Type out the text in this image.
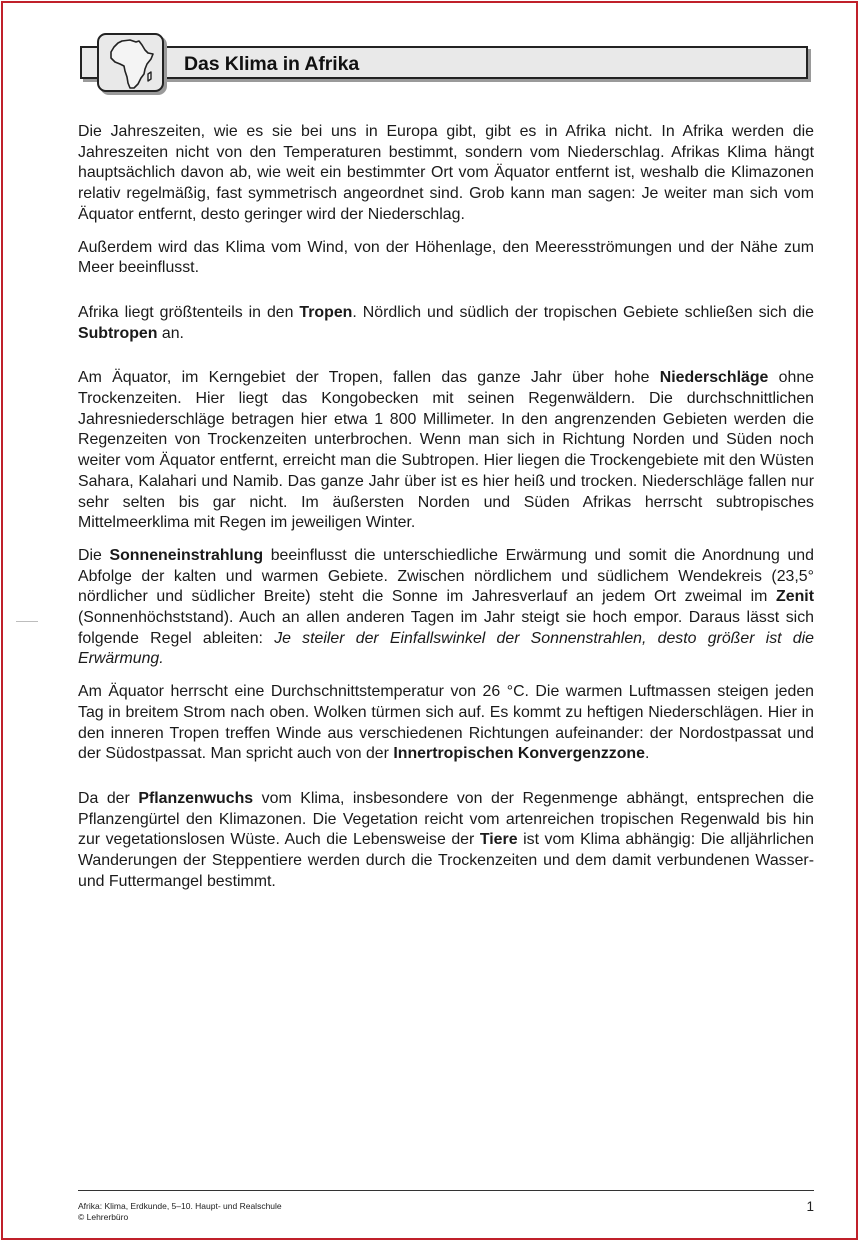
Das Klima in Afrika

Die Jahreszeiten, wie es sie bei uns in Europa gibt, gibt es in Afrika nicht. In Afrika werden die Jahreszeiten nicht von den Temperaturen bestimmt, sondern vom Niederschlag. Afrikas Klima hängt hauptsächlich davon ab, wie weit ein bestimmter Ort vom Äquator entfernt ist, weshalb die Klimazonen relativ regelmäßig, fast symmetrisch angeordnet sind. Grob kann man sagen: Je weiter man sich vom Äquator entfernt, desto geringer wird der Niederschlag.

Außerdem wird das Klima vom Wind, von der Höhenlage, den Meeresströmungen und der Nähe zum Meer beeinflusst.

Afrika liegt größtenteils in den Tropen. Nördlich und südlich der tropischen Gebiete schließen sich die Subtropen an.

Am Äquator, im Kerngebiet der Tropen, fallen das ganze Jahr über hohe Niederschläge ohne Trockenzeiten. Hier liegt das Kongobecken mit seinen Regenwäldern. Die durchschnittlichen Jahresniederschläge betragen hier etwa 1 800 Millimeter. In den angrenzenden Gebieten werden die Regenzeiten von Trockenzeiten unterbrochen. Wenn man sich in Richtung Norden und Süden noch weiter vom Äquator entfernt, erreicht man die Subtropen. Hier liegen die Trockengebiete mit den Wüsten Sahara, Kalahari und Namib. Das ganze Jahr über ist es hier heiß und trocken. Niederschläge fallen nur sehr selten bis gar nicht. Im äußersten Norden und Süden Afrikas herrscht subtropisches Mittelmeerklima mit Regen im jeweiligen Winter.

Die Sonneneinstrahlung beeinflusst die unterschiedliche Erwärmung und somit die Anordnung und Abfolge der kalten und warmen Gebiete. Zwischen nördlichem und südlichem Wendekreis (23,5° nördlicher und südlicher Breite) steht die Sonne im Jahresverlauf an jedem Ort zweimal im Zenit (Sonnenhöchststand). Auch an allen anderen Tagen im Jahr steigt sie hoch empor. Daraus lässt sich folgende Regel ableiten: Je steiler der Einfallswinkel der Sonnenstrahlen, desto größer ist die Erwärmung.

Am Äquator herrscht eine Durchschnittstemperatur von 26 °C. Die warmen Luftmassen steigen jeden Tag in breitem Strom nach oben. Wolken türmen sich auf. Es kommt zu heftigen Niederschlägen. Hier in den inneren Tropen treffen Winde aus verschiedenen Richtungen aufeinander: der Nordostpassat und der Südostpassat. Man spricht auch von der Innertropischen Konvergenzzone.

Da der Pflanzenwuchs vom Klima, insbesondere von der Regenmenge abhängt, entsprechen die Pflanzengürtel den Klimazonen. Die Vegetation reicht vom artenreichen tropischen Regenwald bis hin zur vegetationslosen Wüste. Auch die Lebensweise der Tiere ist vom Klima abhängig: Die alljährlichen Wanderungen der Steppentiere werden durch die Trockenzeiten und dem damit verbundenen Wasser- und Futtermangel bestimmt.

Afrika: Klima, Erdkunde, 5–10. Haupt- und Realschule
© Lehrerbüro
1
